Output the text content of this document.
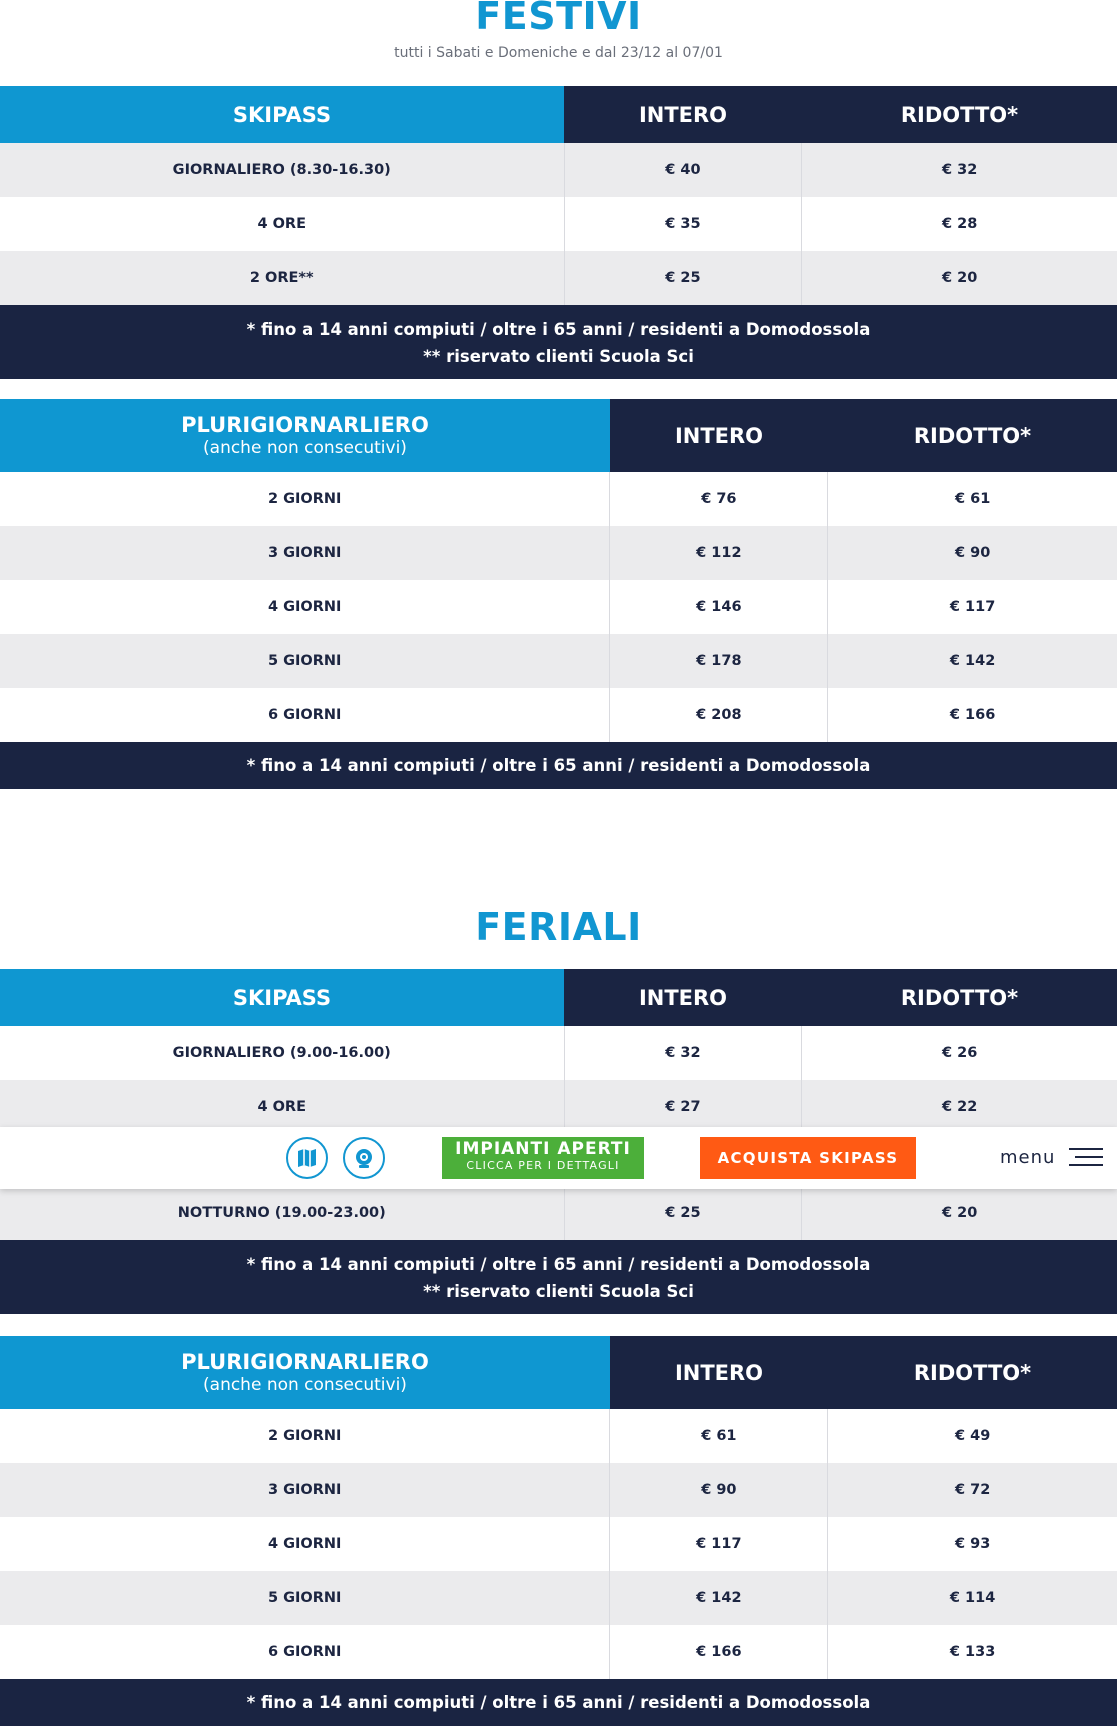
FESTIVI
tutti i Sabati e Domeniche e dal 23/12 al 07/01
SKIPASS	INTERO	RIDOTTO*
GIORNALIERO (8.30-16.30)	€ 40	€ 32
4 ORE	€ 35	€ 28
2 ORE**	€ 25	€ 20
* fino a 14 anni compiuti / oltre i 65 anni / residenti a Domodossola
** riservato clienti Scuola Sci
PLURIGIORNARLIERO
(anche non consecutivi)
INTERO	RIDOTTO*
2 GIORNI	€ 76	€ 61
3 GIORNI	€ 112	€ 90
4 GIORNI	€ 146	€ 117
5 GIORNI	€ 178	€ 142
6 GIORNI	€ 208	€ 166
* fino a 14 anni compiuti / oltre i 65 anni / residenti a Domodossola
FERIALI
SKIPASS	INTERO	RIDOTTO*
GIORNALIERO (9.00-16.00)	€ 32	€ 26
4 ORE	€ 27	€ 22
NOTTURNO (19.00-23.00)	€ 25	€ 20
* fino a 14 anni compiuti / oltre i 65 anni / residenti a Domodossola
** riservato clienti Scuola Sci
PLURIGIORNARLIERO
(anche non consecutivi)
INTERO	RIDOTTO*
2 GIORNI	€ 61	€ 49
3 GIORNI	€ 90	€ 72
4 GIORNI	€ 117	€ 93
5 GIORNI	€ 142	€ 114
6 GIORNI	€ 166	€ 133
* fino a 14 anni compiuti / oltre i 65 anni / residenti a Domodossola
IMPIANTI APERTI
CLICCA PER I DETTAGLI	ACQUISTA SKIPASS	menu
